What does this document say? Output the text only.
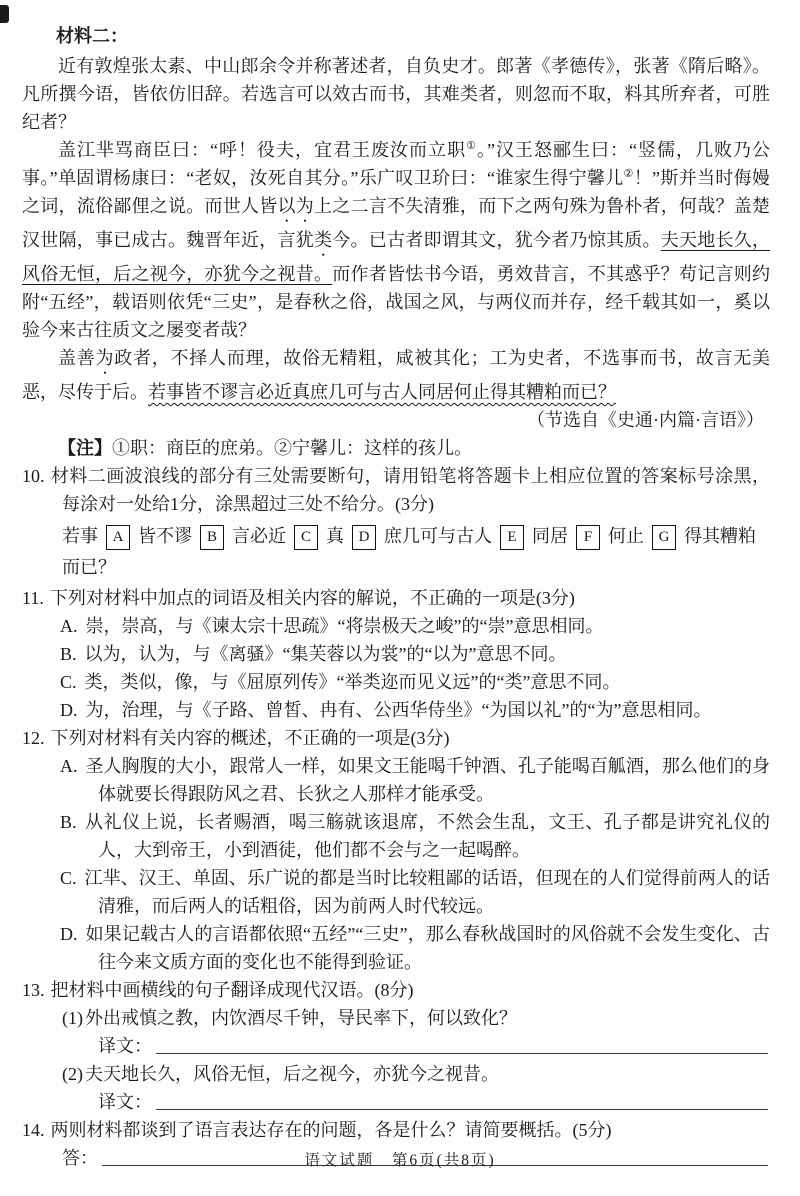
材料二：

近有敦煌张太素、中山郎余令并称著述者，自负史才。郎著《孝德传》，张著《隋后略》。凡所撰今语，皆依仿旧辞。若选言可以效古而书，其难类者，则忽而不取，料其所弃者，可胜纪者？

盖江芈骂商臣曰：“呼！役夫，宜君王废汝而立职①。”汉王怒郦生曰：“竖儒，几败乃公事。”单固谓杨康曰：“老奴，汝死自其分。”乐广叹卫玠曰：“谁家生得宁馨儿②！”斯并当时侮嫚之词，流俗鄙俚之说。而世人皆以为上之二言不失清雅，而下之两句殊为鲁朴者，何哉？盖楚汉世隔，事已成古。魏晋年近，言犹类今。已古者即谓其文，犹今者乃惊其质。夫天地长久，风俗无恒，后之视今，亦犹今之视昔。而作者皆怯书今语，勇效昔言，不其惑乎？苟记言则约附“五经”，载语则依凭“三史”，是春秋之俗，战国之风，与两仪而并存，经千载其如一，奚以验今来古往质文之屡变者哉？

盖善为政者，不择人而理，故俗无精粗，咸被其化；工为史者，不选事而书，故言无美恶，尽传于后。若事皆不谬言必近真庶几可与古人同居何止得其糟粕而已？

（节选自《史通·内篇·言语》）

【注】①职：商臣的庶弟。②宁馨儿：这样的孩儿。

10. 材料二画波浪线的部分有三处需要断句，请用铅笔将答题卡上相应位置的答案标号涂黑，每涂对一处给1分，涂黑超过三处不给分。(3分)

若事 A 皆不谬 B 言必近 C 真 D 庶几可与古人 E 同居 F 何止 G 得其糟粕而已？

11. 下列对材料中加点的词语及相关内容的解说，不正确的一项是(3分)

A. 崇，崇高，与《谏太宗十思疏》“将崇极天之峻”的“崇”意思相同。

B. 以为，认为，与《离骚》“集芙蓉以为裳”的“以为”意思不同。

C. 类，类似，像，与《屈原列传》“举类迩而见义远”的“类”意思不同。

D. 为，治理，与《子路、曾皙、冉有、公西华侍坐》“为国以礼”的“为”意思相同。

12. 下列对材料有关内容的概述，不正确的一项是(3分)

A. 圣人胸腹的大小，跟常人一样，如果文王能喝千钟酒、孔子能喝百觚酒，那么他们的身体就要长得跟防风之君、长狄之人那样才能承受。

B. 从礼仪上说，长者赐酒，喝三觞就该退席，不然会生乱，文王、孔子都是讲究礼仪的人，大到帝王，小到酒徒，他们都不会与之一起喝醉。

C. 江芈、汉王、单固、乐广说的都是当时比较粗鄙的话语，但现在的人们觉得前两人的话清雅，而后两人的话粗俗，因为前两人时代较远。

D. 如果记载古人的言语都依照“五经”“三史”，那么春秋战国时的风俗就不会发生变化、古往今来文质方面的变化也不能得到验证。

13. 把材料中画横线的句子翻译成现代汉语。(8分)

(1) 外出戒慎之教，内饮酒尽千钟，导民率下，何以致化？

译文：

(2) 夫天地长久，风俗无恒，后之视今，亦犹今之视昔。

译文：

14. 两则材料都谈到了语言表达存在的问题，各是什么？请简要概括。(5分)

答：	语文试题　第6页(共8页)
